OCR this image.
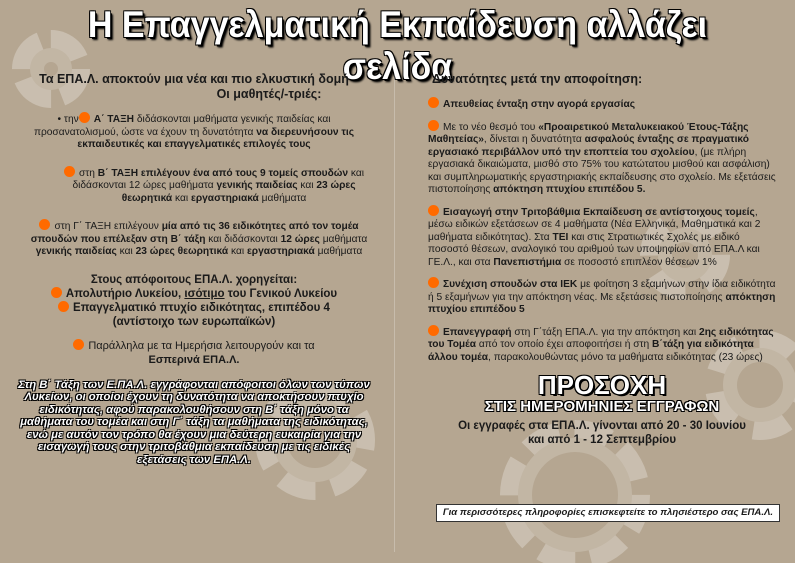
Η Επαγγελματική Εκπαίδευση αλλάζει σελίδα
Τα ΕΠΑ.Λ. αποκτούν μια νέα και πιο ελκυστική δομή
Οι μαθητές/-τριές:
• την Α΄ ΤΑΞΗ διδάσκονται μαθήματα γενικής παιδείας και προσανατολισμού, ώστε να έχουν τη δυνατότητα να διερευνήσουν τις εκπαιδευτικές και επαγγελματικές επιλογές τους
στη Β΄ ΤΑΞΗ επιλέγουν ένα από τους 9 τομείς σπουδών και διδάσκονται 12 ώρες μαθήματα γενικής παιδείας και 23 ώρες θεωρητικά και εργαστηριακά μαθήματα
στη Γ΄ ΤΑΞΗ επιλέγουν μία από τις 36 ειδικότητες από τον τομέα σπουδών που επέλεξαν στη Β΄ τάξη και διδάσκονται 12 ώρες μαθήματα γενικής παιδείας και 23 ώρες θεωρητικά και εργαστηριακά μαθήματα
Στους απόφοιτους ΕΠΑ.Λ. χορηγείται:
Απολυτήριο Λυκείου, ισότιμο του Γενικού Λυκείου
Επαγγελματικό πτυχίο ειδικότητας, επιπέδου 4
(αντίστοιχο των ευρωπαϊκών)
Παράλληλα με τα Ημερήσια λειτουργούν και τα
Εσπερινά ΕΠΑ.Λ.
Στη Β΄ Τάξη των Ε.ΠΑ.Λ. εγγράφονται απόφοιτοι όλων των τύπων Λυκείων, οι οποίοι έχουν τη δυνατότητα να αποκτήσουν πτυχίο ειδικότητας, αφού παρακολουθήσουν στη Β΄ τάξη μόνο τα μαθήματα του τομέα και στη Γ΄ τάξη τα μαθήματα της ειδικότητας, ενώ με αυτόν τον τρόπο θα έχουν μια δεύτερη ευκαιρία για την εισαγωγή τους στην τριτοβάθμια εκπαίδευση με τις ειδικές εξετάσεις των ΕΠΑ.Λ.
Δυνατότητες μετά την αποφοίτηση:
Απευθείας ένταξη στην αγορά εργασίας
Με το νέο θεσμό του «Προαιρετικού Μεταλυκειακού Έτους-Τάξης Μαθητείας», δίνεται η δυνατότητα ασφαλούς ένταξης σε πραγματικό εργασιακό περιβάλλον υπό την εποπτεία του σχολείου, (με πλήρη εργασιακά δικαιώματα, μισθό στο 75% του κατώτατου μισθού και ασφάλιση) και συμπληρωματικής εργαστηριακής εκπαίδευσης στο σχολείο. Με εξετάσεις πιστοποίησης απόκτηση πτυχίου επιπέδου 5.
Εισαγωγή στην Τριτοβάθμια Εκπαίδευση σε αντίστοιχους τομείς, μέσω ειδικών εξετάσεων σε 4 μαθήματα (Νέα Ελληνικά, Μαθηματικά και 2 μαθήματα ειδικότητας). Στα ΤΕΙ και στις Στρατιωτικές Σχολές με ειδικό ποσοστό θέσεων, αναλογικό του αριθμού των υποψηφίων από ΕΠΑ.Λ και ΓΕ.Λ., και στα Πανεπιστήμια σε ποσοστό επιπλέον θέσεων 1%
Συνέχιση σπουδών στα ΙΕΚ με φοίτηση 3 εξαμήνων στην ίδια ειδικότητα ή 5 εξαμήνων για την απόκτηση νέας. Με εξετάσεις πιστοποίησης απόκτηση πτυχίου επιπέδου 5
Επανεγγραφή στη Γ΄τάξη ΕΠΑ.Λ. για την απόκτηση και 2ης ειδικότητας του Τομέα από τον οποίο έχει αποφοιτήσει ή στη Β΄τάξη για ειδικότητα άλλου τομέα, παρακολουθώντας μόνο τα μαθήματα ειδικότητας (23 ώρες)
ΠΡΟΣΟΧΗ
ΣΤΙΣ ΗΜΕΡΟΜΗΝΙΕΣ ΕΓΓΡΑΦΩΝ
Οι εγγραφές στα ΕΠΑ.Λ. γίνονται από 20 - 30 Ιουνίου
και από 1 - 12 Σεπτεμβρίου
Για περισσότερες πληροφορίες επισκεφτείτε το πλησιέστερο σας ΕΠΑ.Λ.
